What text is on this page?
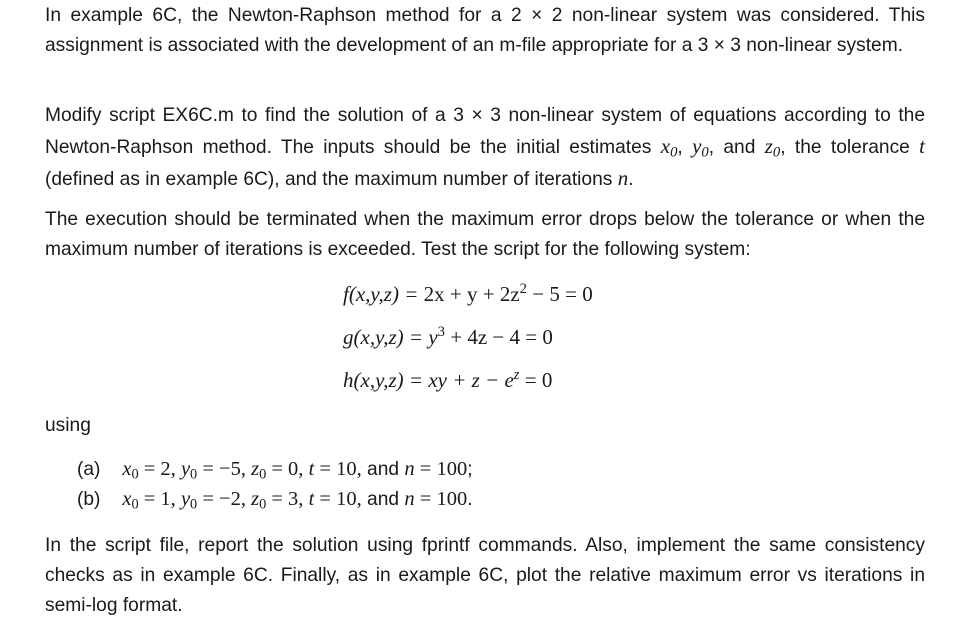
In example 6C, the Newton-Raphson method for a 2 × 2 non-linear system was considered. This assignment is associated with the development of an m-file appropriate for a 3 × 3 non-linear system.

Modify script EX6C.m to find the solution of a 3 × 3 non-linear system of equations according to the Newton-Raphson method. The inputs should be the initial estimates $x_0$, $y_0$, and $z_0$, the tolerance t (defined as in example 6C), and the maximum number of iterations n.

The execution should be terminated when the maximum error drops below the tolerance or when the maximum number of iterations is exceeded. Test the script for the following system:

$f(x,y,z) = 2x + y + 2z^2 - 5 = 0$
$g(x,y,z) = y^3 + 4z - 4 = 0$
h(x,y,z) = xy + $z - e^z = 0$
using
(a) $x_0 = 2$, $y_0 = -5$, $z_0 = 0$, t = 10, and n = 100;
(b) $x_0 = 1$, $y_0 = -2$, $z_0 = 3$, t = 10, and n = 100.

In the script file, report the solution using fprintf commands. Also, implement the same consistency checks as in example 6C. Finally, as in example 6C, plot the relative maximum error vs iterations in semi-log format.
